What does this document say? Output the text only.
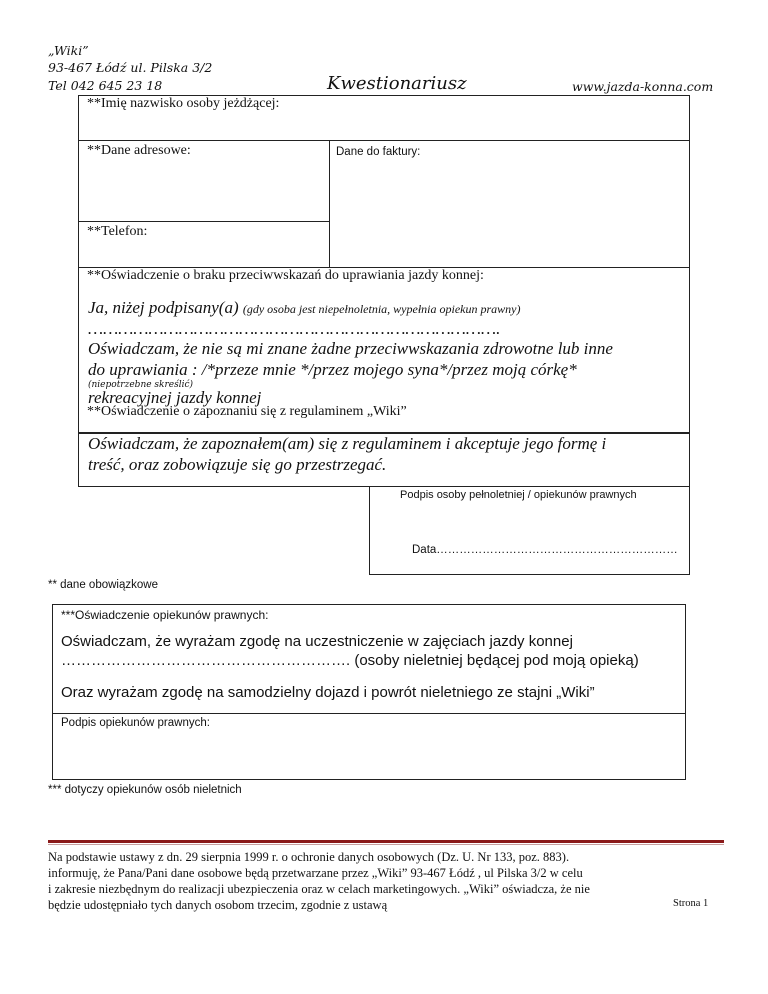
„Wiki”
93-467 Łódź ul. Pilska 3/2
Tel 042 645 23 18	Kwestionariusz	www.jazda-konna.com
**Imię nazwisko osoby jeżdżącej:
**Dane adresowe:	Dane do faktury:
**Telefon:
**Oświadczenie o braku przeciwwskazań do uprawiania jazdy konnej:
Ja, niżej podpisany(a) (gdy osoba jest niepełnoletnia, wypełnia opiekun prawny)
……………………………………………………………………….
Oświadczam, że nie są mi znane żadne przeciwwskazania zdrowotne lub inne
do uprawiania : /*przeze mnie */przez mojego syna*/przez moją córkę*
(niepotrzebne skreślić)
rekreacyjnej jazdy konnej
**Oświadczenie o zapoznaniu się z regulaminem „Wiki”
Oświadczam, że zapoznałem(am) się z regulaminem i akceptuje jego formę i
treść, oraz zobowiązuje się go przestrzegać.
Podpis osoby pełnoletniej / opiekunów prawnych
Data………………………………………………………
** dane obowiązkowe
***Oświadczenie opiekunów prawnych:
Oświadczam, że wyrażam zgodę na uczestniczenie w zajęciach jazdy konnej
…………………………………………………. (osoby nieletniej będącej pod moją opieką)
Oraz wyrażam zgodę na samodzielny dojazd i powrót nieletniego ze stajni „Wiki”
Podpis opiekunów prawnych:
*** dotyczy opiekunów osób nieletnich
Na podstawie ustawy z dn. 29 sierpnia 1999 r. o ochronie danych osobowych (Dz. U. Nr 133, poz. 883).
informuję, że Pana/Pani dane osobowe będą przetwarzane przez „Wiki” 93-467 Łódź , ul Pilska 3/2 w celu
i zakresie niezbędnym do realizacji ubezpieczenia oraz w celach marketingowych. „Wiki” oświadcza, że nie
będzie udostępniało tych danych osobom trzecim, zgodnie z ustawą	Strona 1
